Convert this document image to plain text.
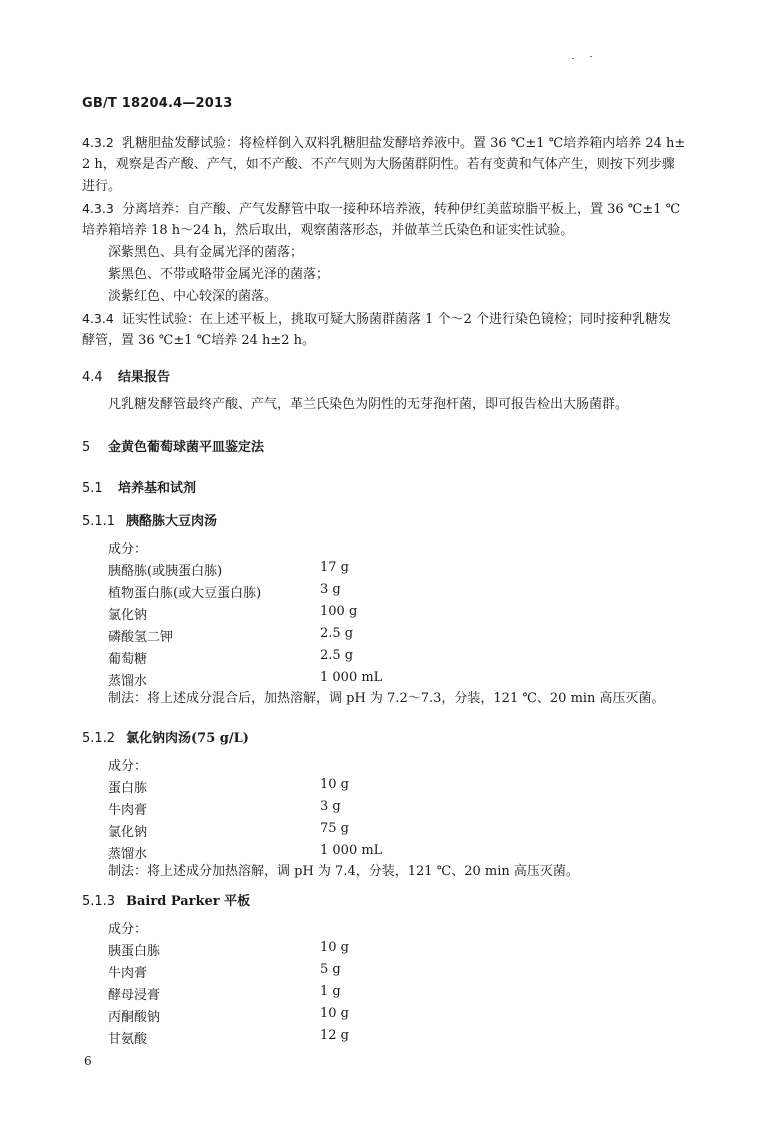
GB/T 18204.4—2013
4.3.2 乳糖胆盐发酵试验：将检样倒入双料乳糖胆盐发酵培养液中。置 36 ℃±1 ℃培养箱内培养 24 h±
2 h，观察是否产酸、产气，如不产酸、不产气则为大肠菌群阴性。若有变黄和气体产生，则按下列步骤
进行。
4.3.3 分离培养：自产酸、产气发酵管中取一接种环培养液，转种伊红美蓝琼脂平板上，置 36 ℃±1 ℃
培养箱培养 18 h～24 h，然后取出，观察菌落形态，并做革兰氏染色和证实性试验。
深紫黑色、具有金属光泽的菌落；
紫黑色、不带或略带金属光泽的菌落；
淡紫红色、中心较深的菌落。
4.3.4 证实性试验：在上述平板上，挑取可疑大肠菌群菌落 1 个～2 个进行染色镜检；同时接种乳糖发
酵管，置 36 ℃±1 ℃培养 24 h±2 h。
4.4 结果报告
凡乳糖发酵管最终产酸、产气，革兰氏染色为阴性的无芽孢杆菌，即可报告检出大肠菌群。
5 金黄色葡萄球菌平皿鉴定法
5.1 培养基和试剂
5.1.1 胰酪胨大豆肉汤
成分：
胰酪胨(或胰蛋白胨)	17 g
植物蛋白胨(或大豆蛋白胨)	3 g
氯化钠	100 g
磷酸氢二钾	2.5 g
葡萄糖	2.5 g
蒸馏水	1 000 mL
制法：将上述成分混合后，加热溶解，调 pH 为 7.2～7.3，分装，121 ℃、20 min 高压灭菌。
5.1.2 氯化钠肉汤(75 g/L)
成分：
蛋白胨	10 g
牛肉膏	3 g
氯化钠	75 g
蒸馏水	1 000 mL
制法：将上述成分加热溶解，调 pH 为 7.4，分装，121 ℃、20 min 高压灭菌。
5.1.3 Baird Parker 平板
成分：
胰蛋白胨	10 g
牛肉膏	5 g
酵母浸膏	1 g
丙酮酸钠	10 g
甘氨酸	12 g
6
